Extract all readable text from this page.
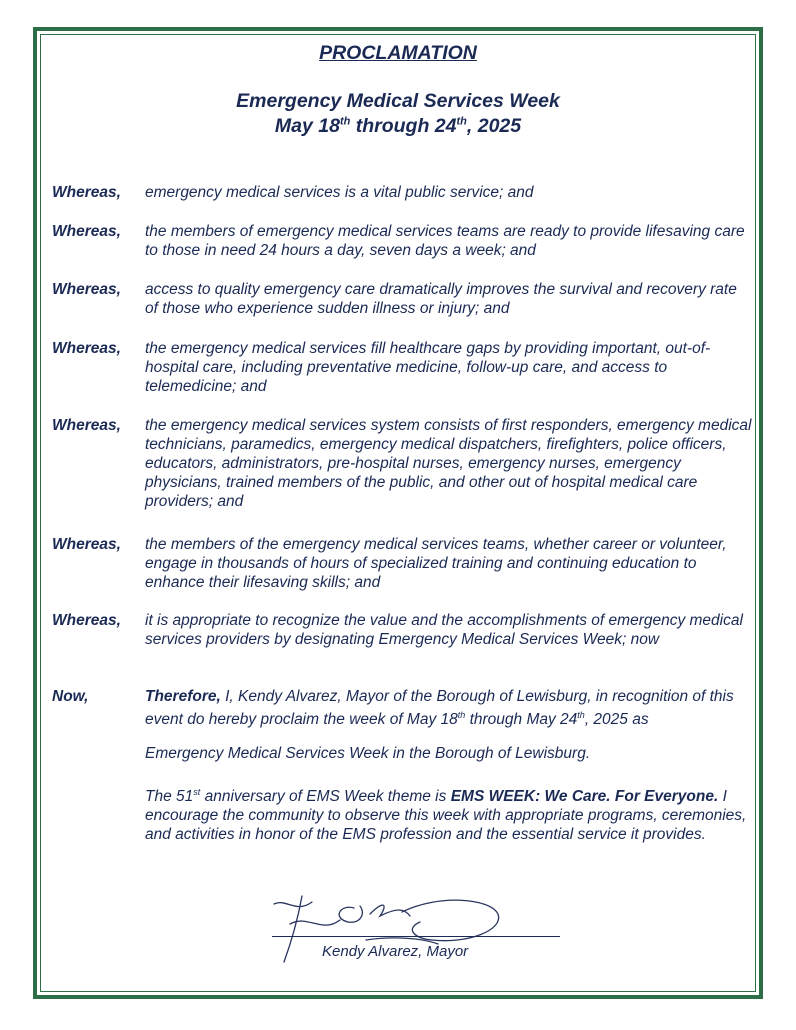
PROCLAMATION
Emergency Medical Services Week
May 18th through 24th, 2025
Whereas, emergency medical services is a vital public service; and
Whereas, the members of emergency medical services teams are ready to provide lifesaving care to those in need 24 hours a day, seven days a week; and
Whereas, access to quality emergency care dramatically improves the survival and recovery rate of those who experience sudden illness or injury; and
Whereas, the emergency medical services fill healthcare gaps by providing important, out-of-hospital care, including preventative medicine, follow-up care, and access to telemedicine; and
Whereas, the emergency medical services system consists of first responders, emergency medical technicians, paramedics, emergency medical dispatchers, firefighters, police officers, educators, administrators, pre-hospital nurses, emergency nurses, emergency physicians, trained members of the public, and other out of hospital medical care providers; and
Whereas, the members of the emergency medical services teams, whether career or volunteer, engage in thousands of hours of specialized training and continuing education to enhance their lifesaving skills; and
Whereas, it is appropriate to recognize the value and the accomplishments of emergency medical services providers by designating Emergency Medical Services Week; now
Now,	Therefore, I, Kendy Alvarez, Mayor of the Borough of Lewisburg, in recognition of this event do hereby proclaim the week of May 18th through May 24th, 2025 as
Emergency Medical Services Week in the Borough of Lewisburg.
The 51st anniversary of EMS Week theme is EMS WEEK: We Care. For Everyone. I encourage the community to observe this week with appropriate programs, ceremonies, and activities in honor of the EMS profession and the essential service it provides.
Kendy Alvarez, Mayor
